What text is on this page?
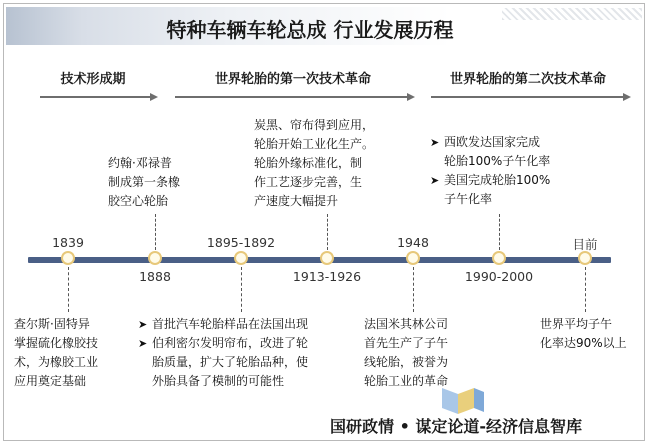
特种车辆车轮总成 行业发展历程
技术形成期	世界轮胎的第一次技术革命	世界轮胎的第二次技术革命
1839
1888
1895-1892
1913-1926
1948
1990-2000
目前
查尔斯·固特异
掌握硫化橡胶技
术，为橡胶工业
应用奠定基础
约翰·邓禄普
制成第一条橡
胶空心轮胎
➤ 首批汽车轮胎样品在法国出现
➤ 伯利密尔发明帘布，改进了轮
胎质量，扩大了轮胎品种，使
外胎具备了模制的可能性
炭黑、帘布得到应用，
轮胎开始工业化生产。
轮胎外缘标准化，制
作工艺逐步完善，生
产速度大幅提升
法国米其林公司
首先生产了子午
线轮胎，被誉为
轮胎工业的革命
➤ 西欧发达国家完成
轮胎100%子午化率
➤ 美国完成轮胎100%
子午化率
世界平均子午
化率达90%以上
国研政情 • 谋定论道-经济信息智库
